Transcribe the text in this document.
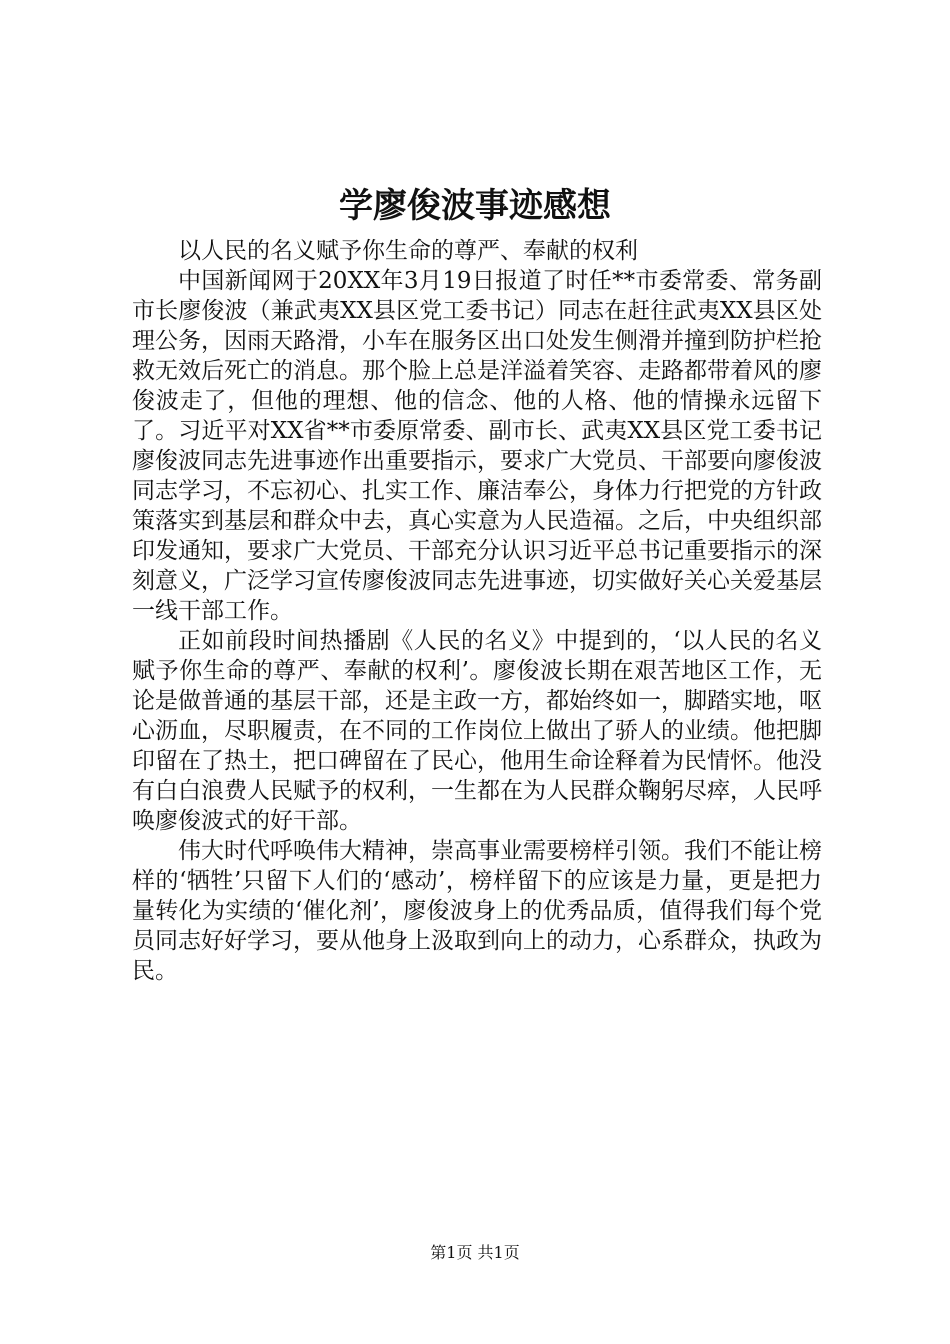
学廖俊波事迹感想

以人民的名义赋予你生命的尊严、奉献的权利

中国新闻网于20XX年3月19日报道了时任**市委常委、常务副市长廖俊波（兼武夷XX县区党工委书记）同志在赶往武夷XX县区处理公务，因雨天路滑，小车在服务区出口处发生侧滑并撞到防护栏抢救无效后死亡的消息。那个脸上总是洋溢着笑容、走路都带着风的廖俊波走了，但他的理想、他的信念、他的人格、他的情操永远留下了。习近平对XX省**市委原常委、副市长、武夷XX县区党工委书记廖俊波同志先进事迹作出重要指示，要求广大党员、干部要向廖俊波同志学习，不忘初心、扎实工作、廉洁奉公，身体力行把党的方针政策落实到基层和群众中去，真心实意为人民造福。之后，中央组织部印发通知，要求广大党员、干部充分认识习近平总书记重要指示的深刻意义，广泛学习宣传廖俊波同志先进事迹，切实做好关心关爱基层一线干部工作。

正如前段时间热播剧《人民的名义》中提到的，‘以人民的名义赋予你生命的尊严、奉献的权利’。廖俊波长期在艰苦地区工作，无论是做普通的基层干部，还是主政一方，都始终如一，脚踏实地，呕心沥血，尽职履责，在不同的工作岗位上做出了骄人的业绩。他把脚印留在了热土，把口碑留在了民心，他用生命诠释着为民情怀。他没有白白浪费人民赋予的权利，一生都在为人民群众鞠躬尽瘁，人民呼唤廖俊波式的好干部。

伟大时代呼唤伟大精神，崇高事业需要榜样引领。我们不能让榜样的‘牺牲’只留下人们的‘感动’，榜样留下的应该是力量，更是把力量转化为实绩的‘催化剂’，廖俊波身上的优秀品质，值得我们每个党员同志好好学习，要从他身上汲取到向上的动力，心系群众，执政为民。

第1页 共1页
